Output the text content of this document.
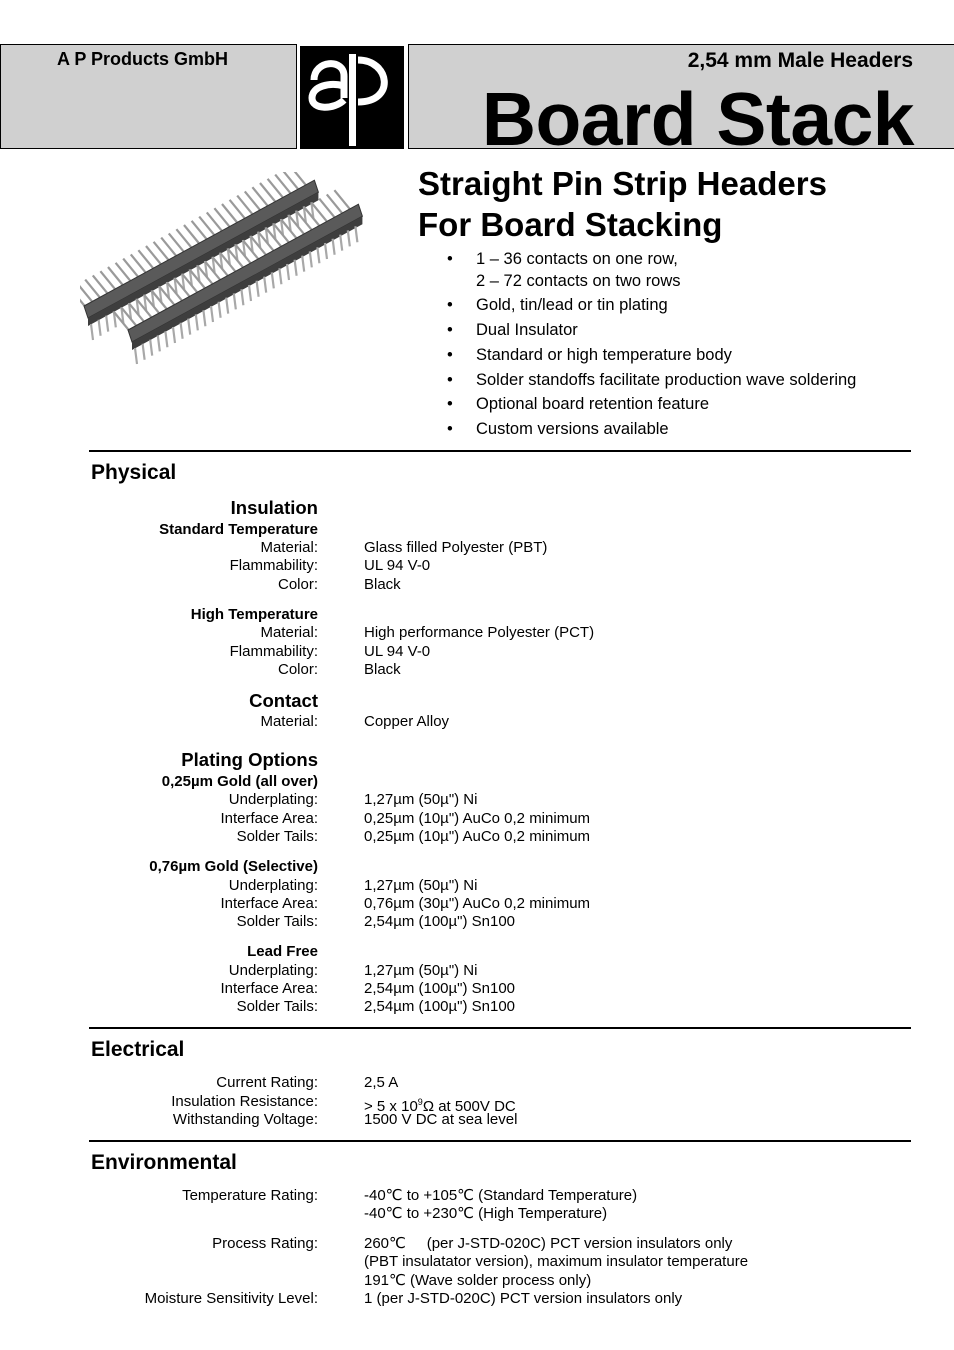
A P Products GmbH	2,54 mm Male Headers
Board Stack
Straight Pin Strip Headers
For Board Stacking
• 1 – 36 contacts on one row,
2 – 72 contacts on two rows
• Gold, tin/lead or tin plating
• Dual Insulator
• Standard or high temperature body
• Solder standoffs facilitate production wave soldering
• Optional board retention feature
• Custom versions available
Physical
Insulation
Standard Temperature
Material:	Glass filled Polyester (PBT)
Flammability:	UL 94 V-0
Color:	Black
High Temperature
Material:	High performance Polyester (PCT)
Flammability:	UL 94 V-0
Color:	Black
Contact
Material:	Copper Alloy
Plating Options
0,25µm Gold (all over)
Underplating:	1,27µm (50µ") Ni
Interface Area:	0,25µm (10µ") AuCo 0,2 minimum
Solder Tails:	0,25µm (10µ") AuCo 0,2 minimum
0,76µm Gold (Selective)
Underplating:	1,27µm (50µ") Ni
Interface Area:	0,76µm (30µ") AuCo 0,2 minimum
Solder Tails:	2,54µm (100µ") Sn100
Lead Free
Underplating:	1,27µm (50µ") Ni
Interface Area:	2,54µm (100µ") Sn100
Solder Tails:	2,54µm (100µ") Sn100
Electrical
Current Rating:	2,5 A
Insulation Resistance:	> 5 x $10^9\Omega$ at 500V DC
Withstanding Voltage:	1500 V DC at sea level
Environmental
Temperature Rating:	-40℃ to +105℃ (Standard Temperature)
-40℃ to +230℃ (High Temperature)
Process Rating:	260℃     (per J-STD-020C) PCT version insulators only
(PBT insulatator version), maximum insulator temperature
191℃ (Wave solder process only)
Moisture Sensitivity Level:	1 (per J-STD-020C) PCT version insulators only
